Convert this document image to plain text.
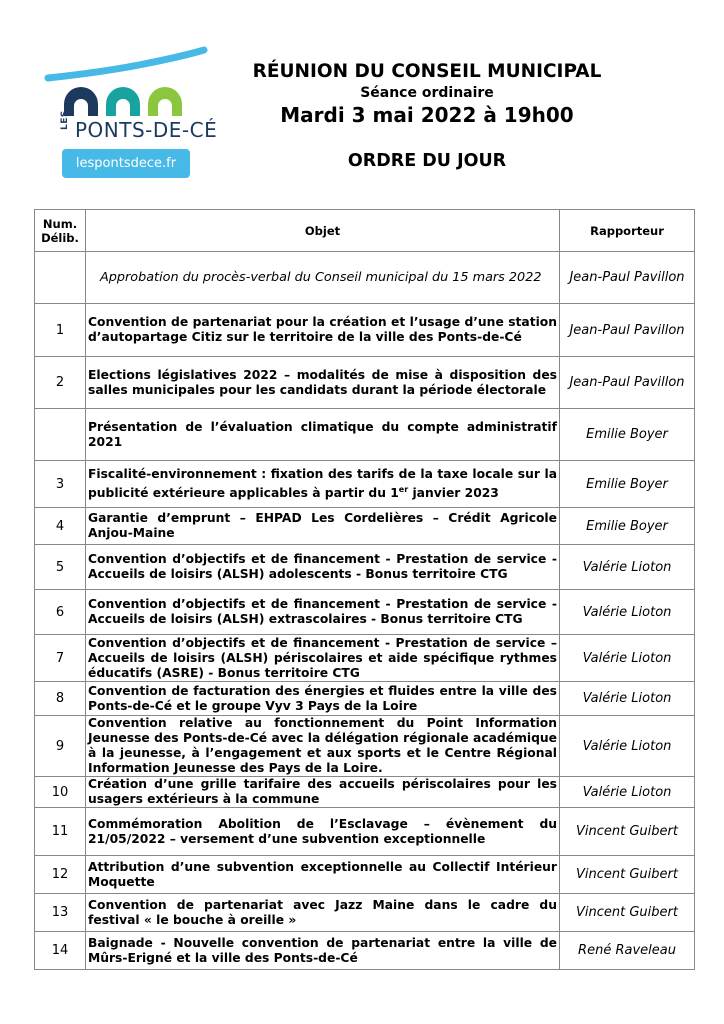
LES PONTS-DE-CÉ
lespontsdece.fr
RÉUNION DU CONSEIL MUNICIPAL
Séance ordinaire
Mardi 3 mai 2022 à 19h00
ORDRE DU JOUR
Num. Délib.	Objet	Rapporteur
	Approbation du procès-verbal du Conseil municipal du 15 mars 2022	Jean-Paul Pavillon
1	Convention de partenariat pour la création et l’usage d’une station d’autopartage Citiz sur le territoire de la ville des Ponts-de-Cé	Jean-Paul Pavillon
2	Elections législatives 2022 – modalités de mise à disposition des salles municipales pour les candidats durant la période électorale	Jean-Paul Pavillon
	Présentation de l’évaluation climatique du compte administratif 2021	Emilie Boyer
3	Fiscalité-environnement : fixation des tarifs de la taxe locale sur la publicité extérieure applicables à partir du 1er janvier 2023	Emilie Boyer
4	Garantie d’emprunt – EHPAD Les Cordelières – Crédit Agricole Anjou-Maine	Emilie Boyer
5	Convention d’objectifs et de financement - Prestation de service - Accueils de loisirs (ALSH) adolescents - Bonus territoire CTG	Valérie Lioton
6	Convention d’objectifs et de financement - Prestation de service - Accueils de loisirs (ALSH) extrascolaires - Bonus territoire CTG	Valérie Lioton
7	Convention d’objectifs et de financement - Prestation de service – Accueils de loisirs (ALSH) périscolaires et aide spécifique rythmes éducatifs (ASRE) - Bonus territoire CTG	Valérie Lioton
8	Convention de facturation des énergies et fluides entre la ville des Ponts-de-Cé et le groupe Vyv 3 Pays de la Loire	Valérie Lioton
9	Convention relative au fonctionnement du Point Information Jeunesse des Ponts-de-Cé avec la délégation régionale académique à la jeunesse, à l’engagement et aux sports et le Centre Régional Information Jeunesse des Pays de la Loire.	Valérie Lioton
10	Création d’une grille tarifaire des accueils périscolaires pour les usagers extérieurs à la commune	Valérie Lioton
11	Commémoration Abolition de l’Esclavage – évènement du 21/05/2022 – versement d’une subvention exceptionnelle	Vincent Guibert
12	Attribution d’une subvention exceptionnelle au Collectif Intérieur Moquette	Vincent Guibert
13	Convention de partenariat avec Jazz Maine dans le cadre du festival « le bouche à oreille »	Vincent Guibert
14	Baignade - Nouvelle convention de partenariat entre la ville de Mûrs-Erigné et la ville des Ponts-de-Cé	René Raveleau
